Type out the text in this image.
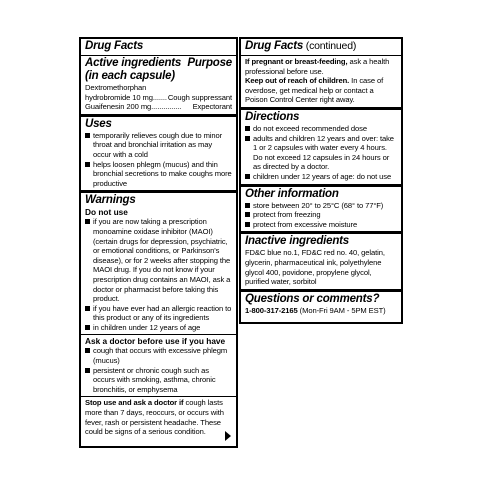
Drug Facts
Active ingredients Purpose
(in each capsule)
Dextromethorphan
hydrobromide 10 mg....... Cough suppressant
Guaifenesin 200 mg............... Expectorant
Uses
temporarily relieves cough due to minor throat and bronchial irritation as may occur with a cold
helps loosen phlegm (mucus) and thin bronchial secretions to make coughs more productive
Warnings
Do not use
if you are now taking a prescription monoamine oxidase inhibitor (MAOI) (certain drugs for depression, psychiatric, or emotional conditions, or Parkinson's disease), or for 2 weeks after stopping the MAOI drug. If you do not know if your prescription drug contains an MAOI, ask a doctor or pharmacist before taking this product.
if you have ever had an allergic reaction to this product or any of its ingredients
in children under 12 years of age
Ask a doctor before use if you have
cough that occurs with excessive phlegm (mucus)
persistent or chronic cough such as occurs with smoking, asthma, chronic bronchitis, or emphysema
Stop use and ask a doctor if cough lasts more than 7 days, reoccurs, or occurs with fever, rash or persistent headache. These could be signs of a serious condition.
Drug Facts (continued)
If pregnant or breast-feeding, ask a health professional before use.
Keep out of reach of children. In case of overdose, get medical help or contact a Poison Control Center right away.
Directions
do not exceed recommended dose
adults and children 12 years and over: take 1 or 2 capsules with water every 4 hours. Do not exceed 12 capsules in 24 hours or as directed by a doctor.
children under 12 years of age: do not use
Other information
store between 20° to 25°C (68° to 77°F)
protect from freezing
protect from excessive moisture
Inactive ingredients
FD&C blue no.1, FD&C red no. 40, gelatin, glycerin, pharmaceutical ink, polyethylene glycol 400, povidone, propylene glycol, purified water, sorbitol
Questions or comments?
1-800-317-2165 (Mon-Fri 9AM - 5PM EST)
